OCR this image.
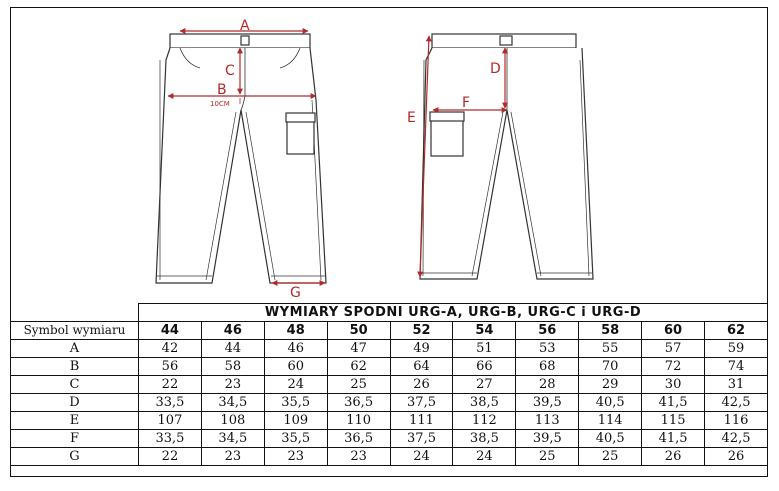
A
C
B
10CM
G
D
F
E
	WYMIARY SPODNI URG-A, URG-B, URG-C i URG-D									
Symbol wymiaru	44	46	48	50	52	54	56	58	60	62
A	42	44	46	47	49	51	53	55	57	59
B	56	58	60	62	64	66	68	70	72	74
C	22	23	24	25	26	27	28	29	30	31
D	33,5	34,5	35,5	36,5	37,5	38,5	39,5	40,5	41,5	42,5
E	107	108	109	110	111	112	113	114	115	116
F	33,5	34,5	35,5	36,5	37,5	38,5	39,5	40,5	41,5	42,5
G	22	23	23	23	24	24	25	25	26	26
